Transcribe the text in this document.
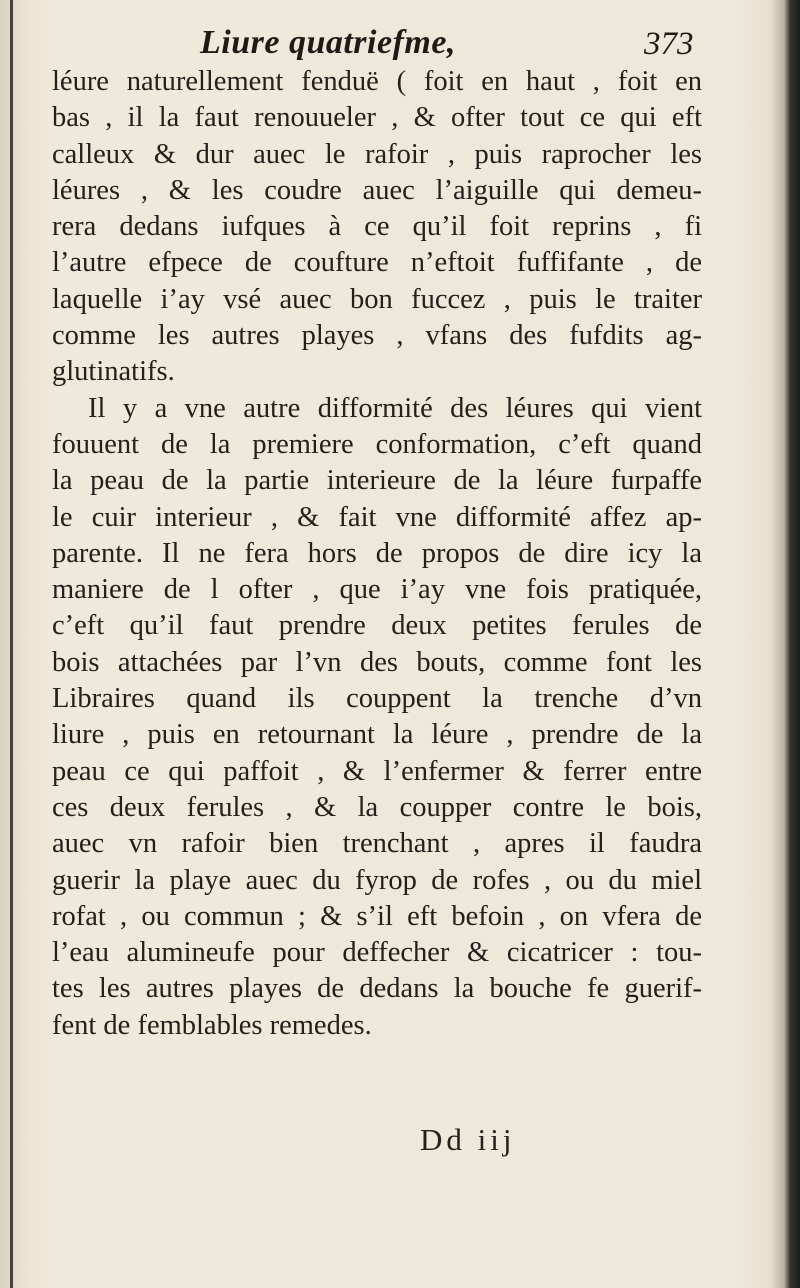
Liure quatriefme,	373
léure naturellement fenduë ( foit en haut , foit en
bas , il la faut renouueler , & ofter tout ce qui eft
calleux & dur auec le rafoir , puis raprocher les
léures , & les coudre auec l’aiguille qui demeu-
rera dedans iufques à ce qu’il foit reprins , fi
l’autre efpece de coufture n’eftoit fuffifante , de
laquelle i’ay vsé auec bon fuccez , puis le traiter
comme les autres playes , vfans des fufdits ag-
glutinatifs.
Il y a vne autre difformité des léures qui vient
fouuent de la premiere conformation, c’eft quand
la peau de la partie interieure de la léure furpaffe
le cuir interieur , & fait vne difformité affez ap-
parente. Il ne fera hors de propos de dire icy la
maniere de l ofter , que i’ay vne fois pratiquée,
c’eft qu’il faut prendre deux petites ferules de
bois attachées par l’vn des bouts, comme font les
Libraires quand ils couppent la trenche d’vn
liure , puis en retournant la léure , prendre de la
peau ce qui paffoit , & l’enfermer & ferrer entre
ces deux ferules , & la coupper contre le bois,
auec vn rafoir bien trenchant , apres il faudra
guerir la playe auec du fyrop de rofes , ou du miel
rofat , ou commun ; & s’il eft befoin , on vfera de
l’eau alumineufe pour deffecher & cicatricer : tou-
tes les autres playes de dedans la bouche fe guerif-
fent de femblables remedes.
Dd iij
